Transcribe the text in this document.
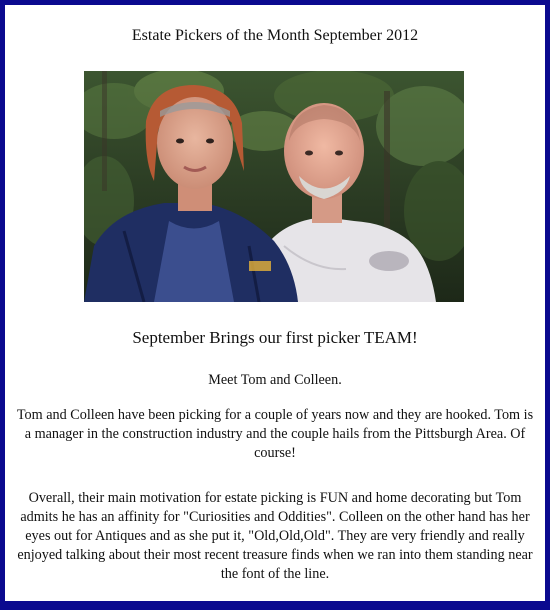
Estate Pickers of the Month September 2012
September Brings our first picker TEAM!

Meet Tom and Colleen.

Tom and Colleen have been picking for a couple of years now and they are hooked. Tom is a manager in the construction industry and the couple hails from the Pittsburgh Area. Of course!

Overall, their main motivation for estate picking is FUN and home decorating but Tom admits he has an affinity for "Curiosities and Oddities". Colleen on the other hand has her eyes out for Antiques and as she put it, "Old,Old,Old". They are very friendly and really enjoyed talking about their most recent treasure finds when we ran into them standing near the font of the line.
